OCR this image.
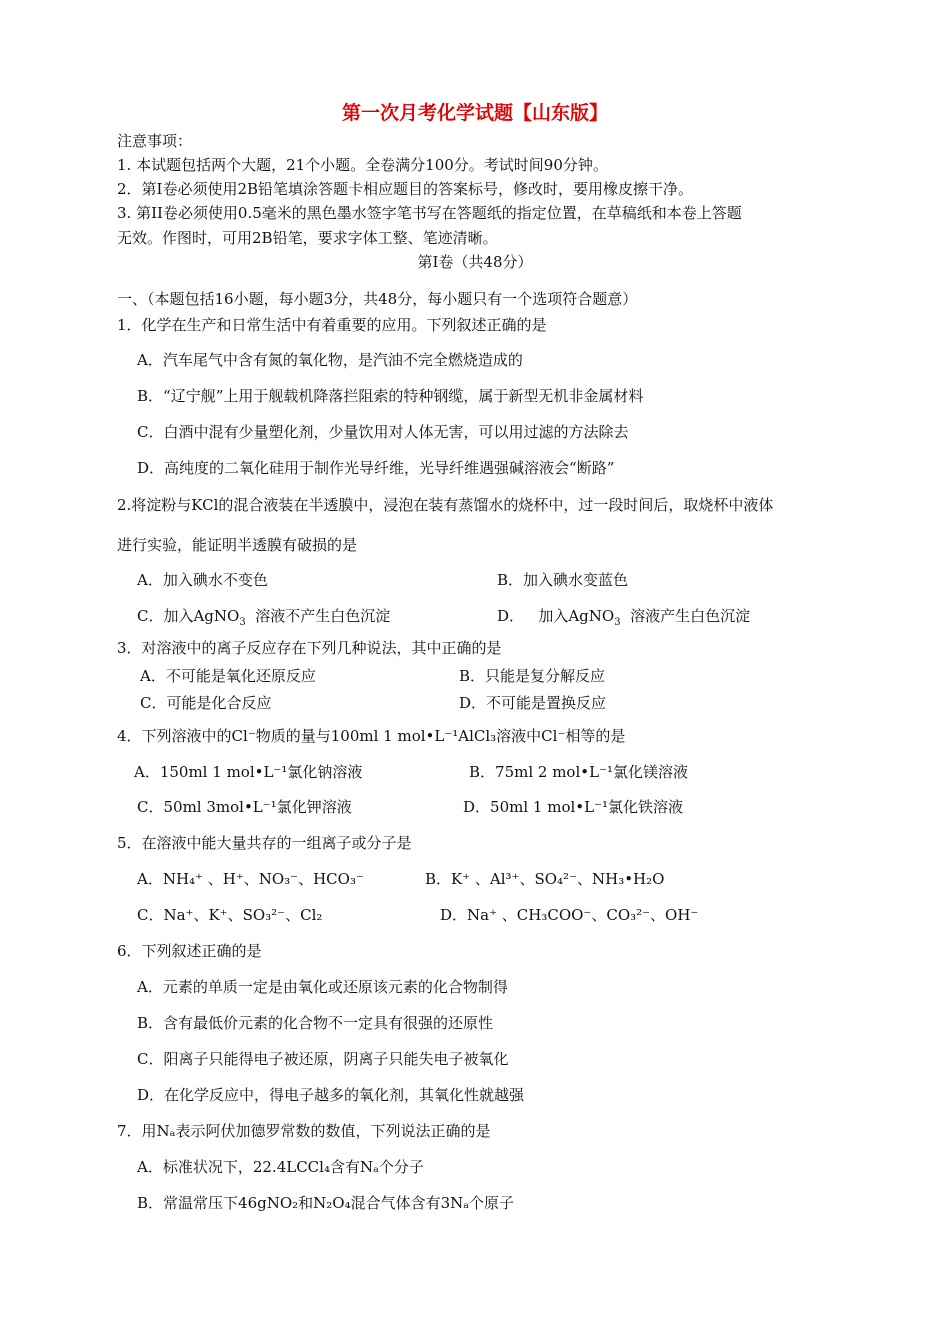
第一次月考化学试题【山东版】
注意事项：
1. 本试题包括两个大题，21个小题。全卷满分100分。考试时间90分钟。
2．第Ⅰ卷必须使用2B铅笔填涂答题卡相应题目的答案标号，修改时，要用橡皮擦干净。
3. 第II卷必须使用0.5毫米的黑色墨水签字笔书写在答题纸的指定位置，在草稿纸和本卷上答题
无效。作图时，可用2B铅笔，要求字体工整、笔迹清晰。
第Ⅰ卷（共48分）
一、（本题包括16小题，每小题3分，共48分，每小题只有一个选项符合题意）
1．化学在生产和日常生活中有着重要的应用。下列叙述正确的是
A．汽车尾气中含有氮的氧化物，是汽油不完全燃烧造成的
B．“辽宁舰”上用于舰载机降落拦阻索的特种钢缆，属于新型无机非金属材料
C．白酒中混有少量塑化剂，少量饮用对人体无害，可以用过滤的方法除去
D．高纯度的二氧化硅用于制作光导纤维，光导纤维遇强碱溶液会“断路”
2.将淀粉与KCl的混合液装在半透膜中，浸泡在装有蒸馏水的烧杯中，过一段时间后，取烧杯中液体
进行实验，能证明半透膜有破损的是
A．加入碘水不变色	B．加入碘水变蓝色
C．加入AgNO$_3$  溶液不产生白色沉淀	D．   加入AgNO$_3$  溶液产生白色沉淀
3．对溶液中的离子反应存在下列几种说法，其中正确的是
A．不可能是氧化还原反应	B．只能是复分解反应
C．可能是化合反应	D．不可能是置换反应
4．下列溶液中的Cl⁻物质的量与100ml 1 mol•L⁻¹AlCl₃溶液中Cl⁻相等的是
A．150ml 1 mol•L⁻¹氯化钠溶液	B．75ml 2 mol•L⁻¹氯化镁溶液
C．50ml 3mol•L⁻¹氯化钾溶液	D．50ml 1 mol•L⁻¹氯化铁溶液
5．在溶液中能大量共存的一组离子或分子是
A．NH₄⁺ 、H⁺、NO₃⁻、HCO₃⁻	B．K⁺ 、Al³⁺、SO₄²⁻、NH₃•H₂O
C．Na⁺、K⁺、SO₃²⁻、Cl₂	D．Na⁺ 、CH₃COO⁻、CO₃²⁻、OH⁻
6．下列叙述正确的是
A．元素的单质一定是由氧化或还原该元素的化合物制得
B．含有最低价元素的化合物不一定具有很强的还原性
C．阳离子只能得电子被还原，阴离子只能失电子被氧化
D．在化学反应中，得电子越多的氧化剂，其氧化性就越强
7．用Nₐ表示阿伏加德罗常数的数值，下列说法正确的是
A．标准状况下，22.4LCCl₄含有Nₐ个分子
B．常温常压下46gNO₂和N₂O₄混合气体含有3Nₐ个原子
